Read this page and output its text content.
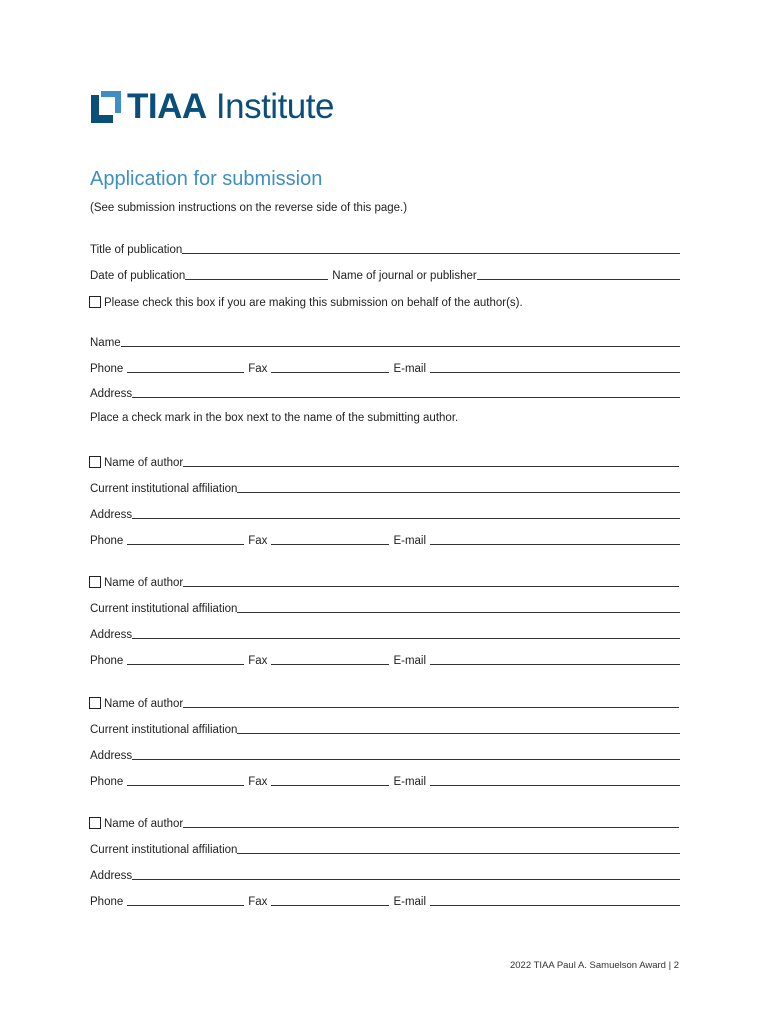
TIAA Institute
Application for submission
(See submission instructions on the reverse side of this page.)
Title of publication
Date of publication	Name of journal or publisher
Please check this box if you are making this submission on behalf of the author(s).
Name
Phone	Fax	E-mail
Address
Place a check mark in the box next to the name of the submitting author.
Name of author
Current institutional affiliation
Address
Phone	Fax	E-mail
Name of author
Current institutional affiliation
Address
Phone	Fax	E-mail
Name of author
Current institutional affiliation
Address
Phone	Fax	E-mail
Name of author
Current institutional affiliation
Address
Phone	Fax	E-mail
2022 TIAA Paul A. Samuelson Award | 2
